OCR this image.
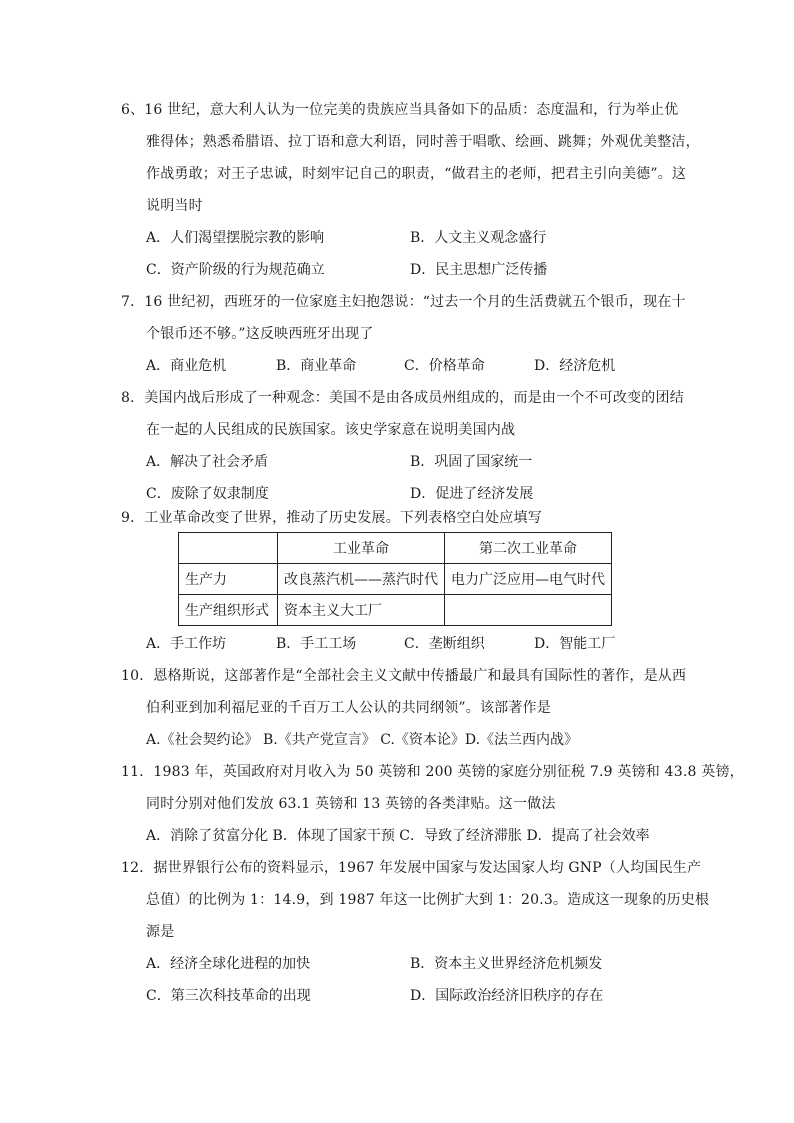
6、16 世纪，意大利人认为一位完美的贵族应当具备如下的品质：态度温和，行为举止优
雅得体；熟悉希腊语、拉丁语和意大利语，同时善于唱歌、绘画、跳舞；外观优美整洁，
作战勇敢；对王子忠诚，时刻牢记自己的职责，“做君主的老师，把君主引向美德”。这
说明当时
A．人们渴望摆脱宗教的影响	B．人文主义观念盛行
C．资产阶级的行为规范确立	D．民主思想广泛传播
7．16 世纪初，西班牙的一位家庭主妇抱怨说：“过去一个月的生活费就五个银币，现在十
个银币还不够。”这反映西班牙出现了
A．商业危机	B．商业革命	C．价格革命	D．经济危机
8．美国内战后形成了一种观念：美国不是由各成员州组成的，而是由一个不可改变的团结
在一起的人民组成的民族国家。该史学家意在说明美国内战
A．解决了社会矛盾	B．巩固了国家统一
C．废除了奴隶制度	D．促进了经济发展
9．工业革命改变了世界，推动了历史发展。下列表格空白处应填写
	工业革命	第二次工业革命
生产力	改良蒸汽机——蒸汽时代	电力广泛应用—电气时代
生产组织形式	资本主义大工厂	
A．手工作坊	B．手工工场	C．垄断组织	D．智能工厂
10．恩格斯说，这部著作是“全部社会主义文献中传播最广和最具有国际性的著作，是从西
伯利亚到加利福尼亚的千百万工人公认的共同纲领”。该部著作是
A.《社会契约论》 B.《共产党宣言》 C.《资本论》D.《法兰西内战》
11．1983 年，英国政府对月收入为 50 英镑和 200 英镑的家庭分别征税 7.9 英镑和 43.8 英镑，
同时分别对他们发放 63.1 英镑和 13 英镑的各类津贴。这一做法
A．消除了贫富分化 B．体现了国家干预 C．导致了经济滞胀 D．提高了社会效率
12．据世界银行公布的资料显示，1967 年发展中国家与发达国家人均 GNP（人均国民生产
总值）的比例为 1：14.9，到 1987 年这一比例扩大到 1：20.3。造成这一现象的历史根
源是
A．经济全球化进程的加快	B．资本主义世界经济危机频发
C．第三次科技革命的出现	D．国际政治经济旧秩序的存在
